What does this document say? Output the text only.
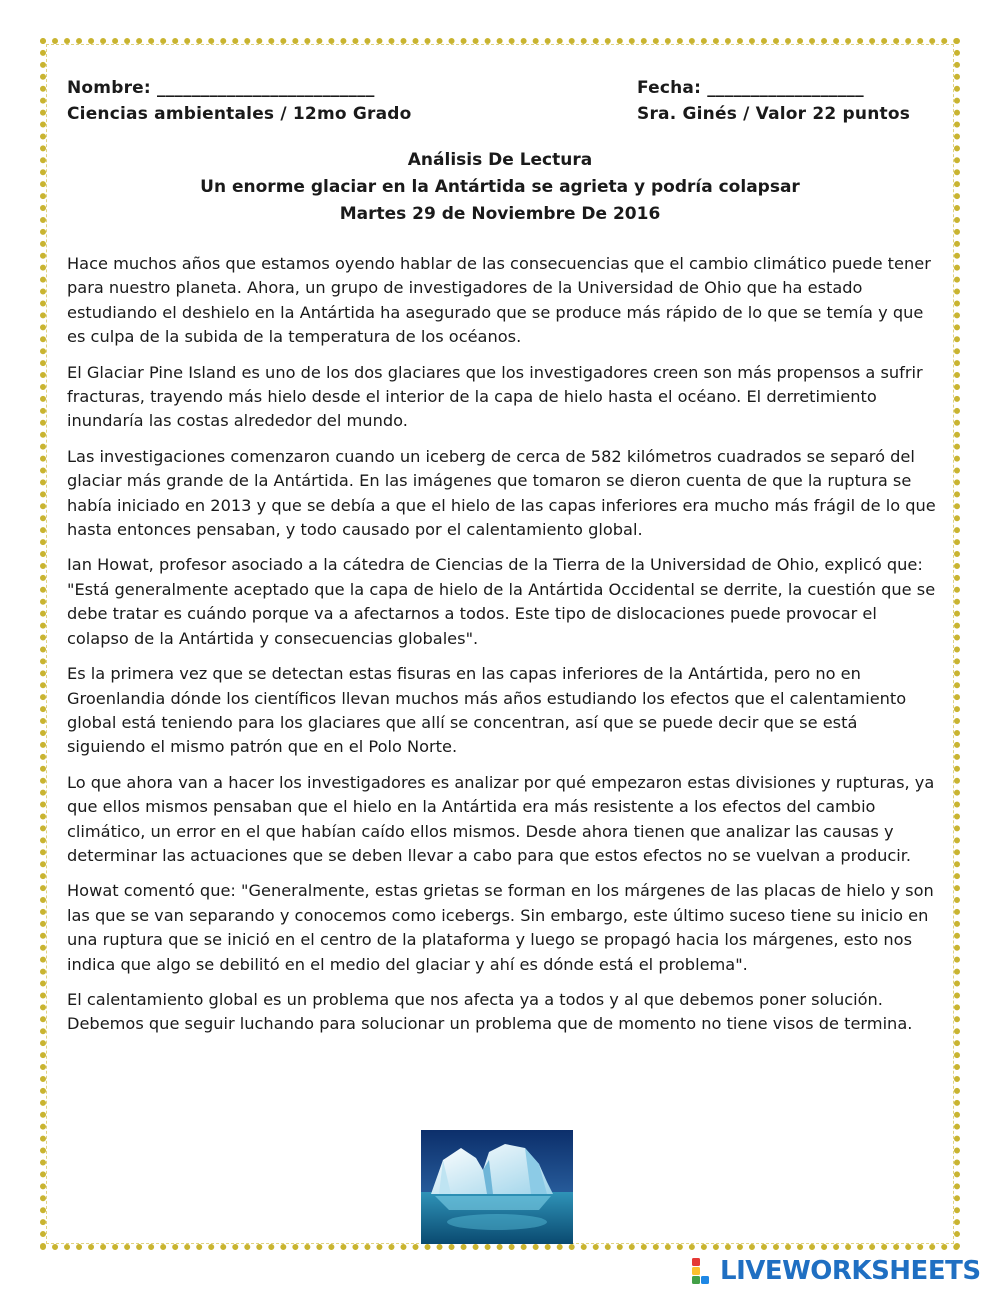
Nombre: _________________________	Fecha: __________________
Ciencias ambientales / 12mo Grado	Sra. Ginés / Valor 22 puntos
Análisis De Lectura
Un enorme glaciar en la Antártida se agrieta y podría colapsar
Martes 29 de Noviembre De 2016

Hace muchos años que estamos oyendo hablar de las consecuencias que el cambio climático puede tener para nuestro planeta. Ahora, un grupo de investigadores de la Universidad de Ohio que ha estado estudiando el deshielo en la Antártida ha asegurado que se produce más rápido de lo que se temía y que es culpa de la subida de la temperatura de los océanos.

El Glaciar Pine Island es uno de los dos glaciares que los investigadores creen son más propensos a sufrir fracturas, trayendo más hielo desde el interior de la capa de hielo hasta el océano. El derretimiento inundaría las costas alrededor del mundo.

Las investigaciones comenzaron cuando un iceberg de cerca de 582 kilómetros cuadrados se separó del glaciar más grande de la Antártida. En las imágenes que tomaron se dieron cuenta de que la ruptura se había iniciado en 2013 y que se debía a que el hielo de las capas inferiores era mucho más frágil de lo que hasta entonces pensaban, y todo causado por el calentamiento global.

Ian Howat, profesor asociado a la cátedra de Ciencias de la Tierra de la Universidad de Ohio, explicó que: "Está generalmente aceptado que la capa de hielo de la Antártida Occidental se derrite, la cuestión que se debe tratar es cuándo porque va a afectarnos a todos. Este tipo de dislocaciones puede provocar el colapso de la Antártida y consecuencias globales".

Es la primera vez que se detectan estas fisuras en las capas inferiores de la Antártida, pero no en Groenlandia dónde los científicos llevan muchos más años estudiando los efectos que el calentamiento global está teniendo para los glaciares que allí se concentran, así que se puede decir que se está siguiendo el mismo patrón que en el Polo Norte.

Lo que ahora van a hacer los investigadores es analizar por qué empezaron estas divisiones y rupturas, ya que ellos mismos pensaban que el hielo en la Antártida era más resistente a los efectos del cambio climático, un error en el que habían caído ellos mismos. Desde ahora tienen que analizar las causas y determinar las actuaciones que se deben llevar a cabo para que estos efectos no se vuelvan a producir.

Howat comentó que: "Generalmente, estas grietas se forman en los márgenes de las placas de hielo y son las que se van separando y conocemos como icebergs. Sin embargo, este último suceso tiene su inicio en una ruptura que se inició en el centro de la plataforma y luego se propagó hacia los márgenes, esto nos indica que algo se debilitó en el medio del glaciar y ahí es dónde está el problema".

El calentamiento global es un problema que nos afecta ya a todos y al que debemos poner solución. Debemos que seguir luchando para solucionar un problema que de momento no tiene visos de termina.

LIVEWORKSHEETS
